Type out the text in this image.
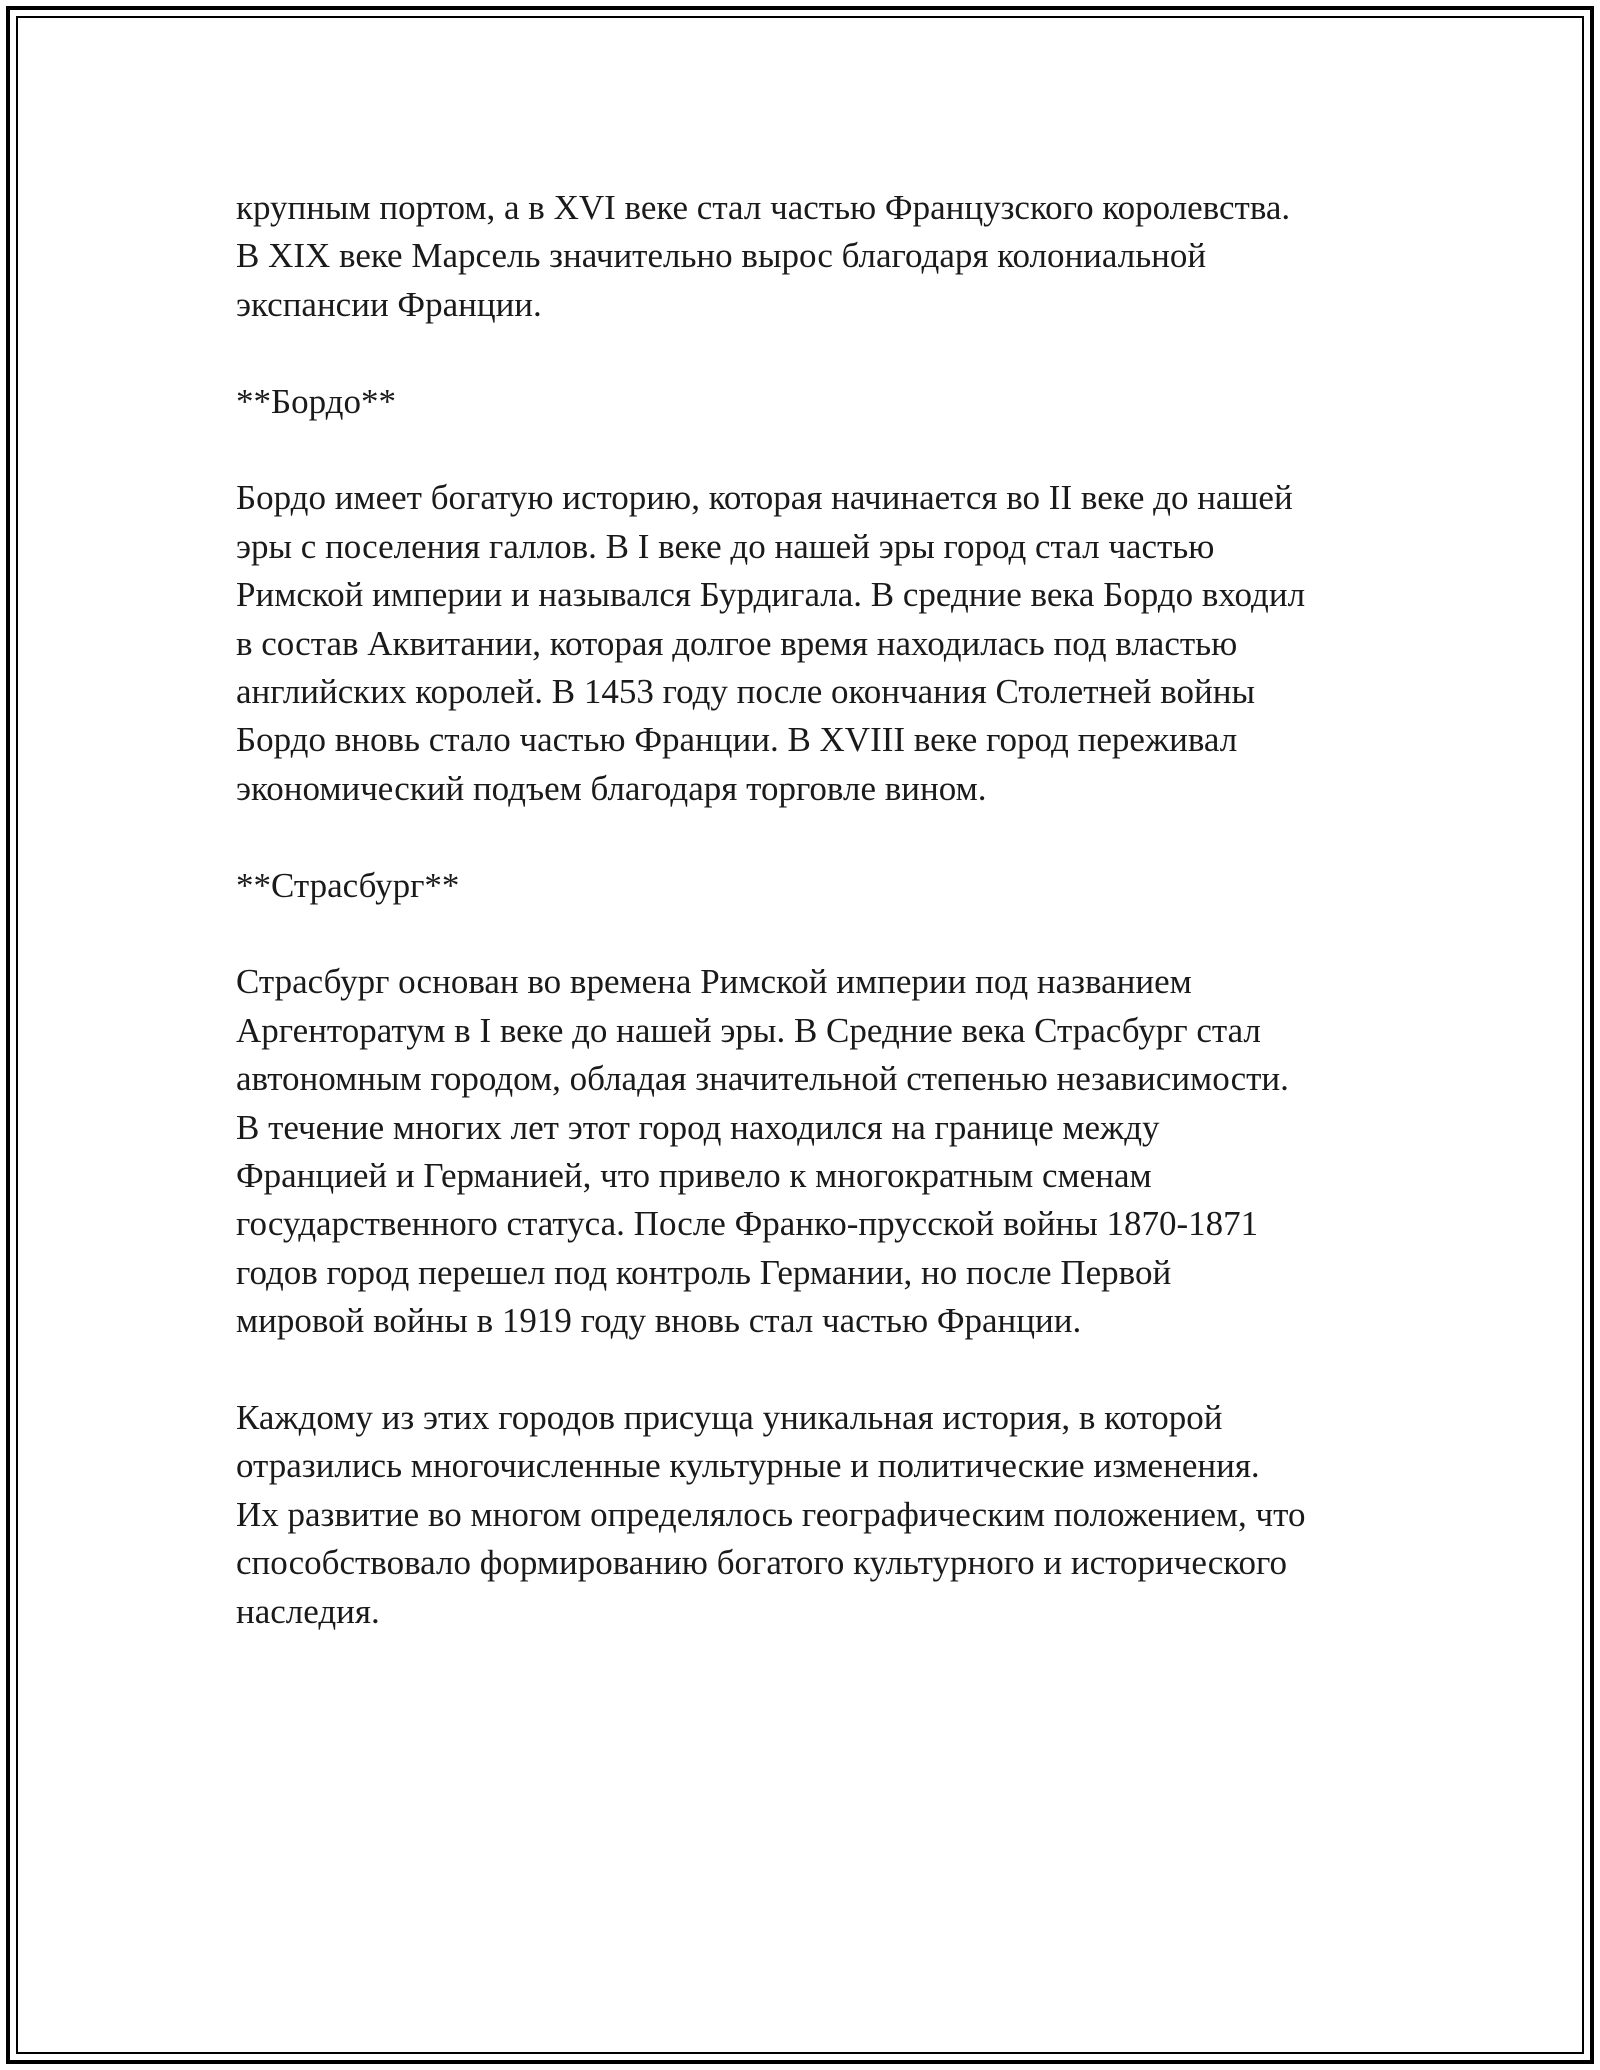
крупным портом, а в XVI веке стал частью Французского королевства.
В XIX веке Марсель значительно вырос благодаря колониальной
экспансии Франции.

**Бордо**

Бордо имеет богатую историю, которая начинается во II веке до нашей
эры с поселения галлов. В I веке до нашей эры город стал частью
Римской империи и назывался Бурдигала. В средние века Бордо входил
в состав Аквитании, которая долгое время находилась под властью
английских королей. В 1453 году после окончания Столетней войны
Бордо вновь стало частью Франции. В XVIII веке город переживал
экономический подъем благодаря торговле вином.

**Страсбург**

Страсбург основан во времена Римской империи под названием
Аргенторатум в I веке до нашей эры. В Средние века Страсбург стал
автономным городом, обладая значительной степенью независимости.
В течение многих лет этот город находился на границе между
Францией и Германией, что привело к многократным сменам
государственного статуса. После Франко-прусской войны 1870-1871
годов город перешел под контроль Германии, но после Первой
мировой войны в 1919 году вновь стал частью Франции.

Каждому из этих городов присуща уникальная история, в которой
отразились многочисленные культурные и политические изменения.
Их развитие во многом определялось географическим положением, что
способствовало формированию богатого культурного и исторического
наследия.
